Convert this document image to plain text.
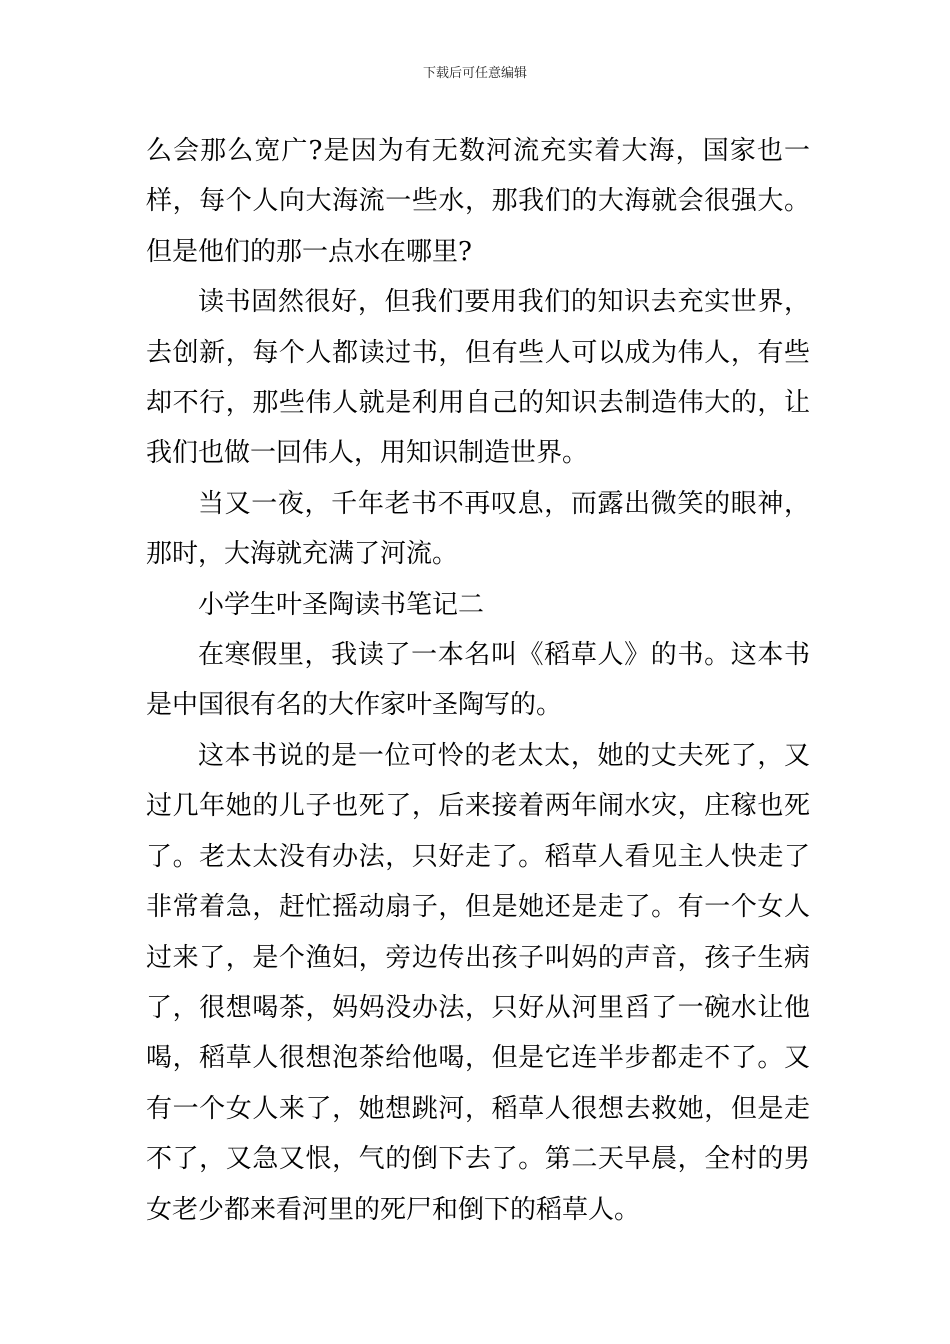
下载后可任意编辑

么会那么宽广?是因为有无数河流充实着大海，国家也一样，每个人向大海流一些水，那我们的大海就会很强大。但是他们的那一点水在哪里?

读书固然很好，但我们要用我们的知识去充实世界，去创新，每个人都读过书，但有些人可以成为伟人，有些却不行，那些伟人就是利用自己的知识去制造伟大的，让我们也做一回伟人，用知识制造世界。

当又一夜，千年老书不再叹息，而露出微笑的眼神，那时，大海就充满了河流。

小学生叶圣陶读书笔记二

在寒假里，我读了一本名叫《稻草人》的书。这本书是中国很有名的大作家叶圣陶写的。

这本书说的是一位可怜的老太太，她的丈夫死了，又过几年她的儿子也死了，后来接着两年闹水灾，庄稼也死了。老太太没有办法，只好走了。稻草人看见主人快走了非常着急，赶忙摇动扇子，但是她还是走了。有一个女人过来了，是个渔妇，旁边传出孩子叫妈的声音，孩子生病了，很想喝茶，妈妈没办法，只好从河里舀了一碗水让他喝，稻草人很想泡茶给他喝，但是它连半步都走不了。又有一个女人来了，她想跳河，稻草人很想去救她，但是走不了，又急又恨，气的倒下去了。第二天早晨，全村的男女老少都来看河里的死尸和倒下的稻草人。
